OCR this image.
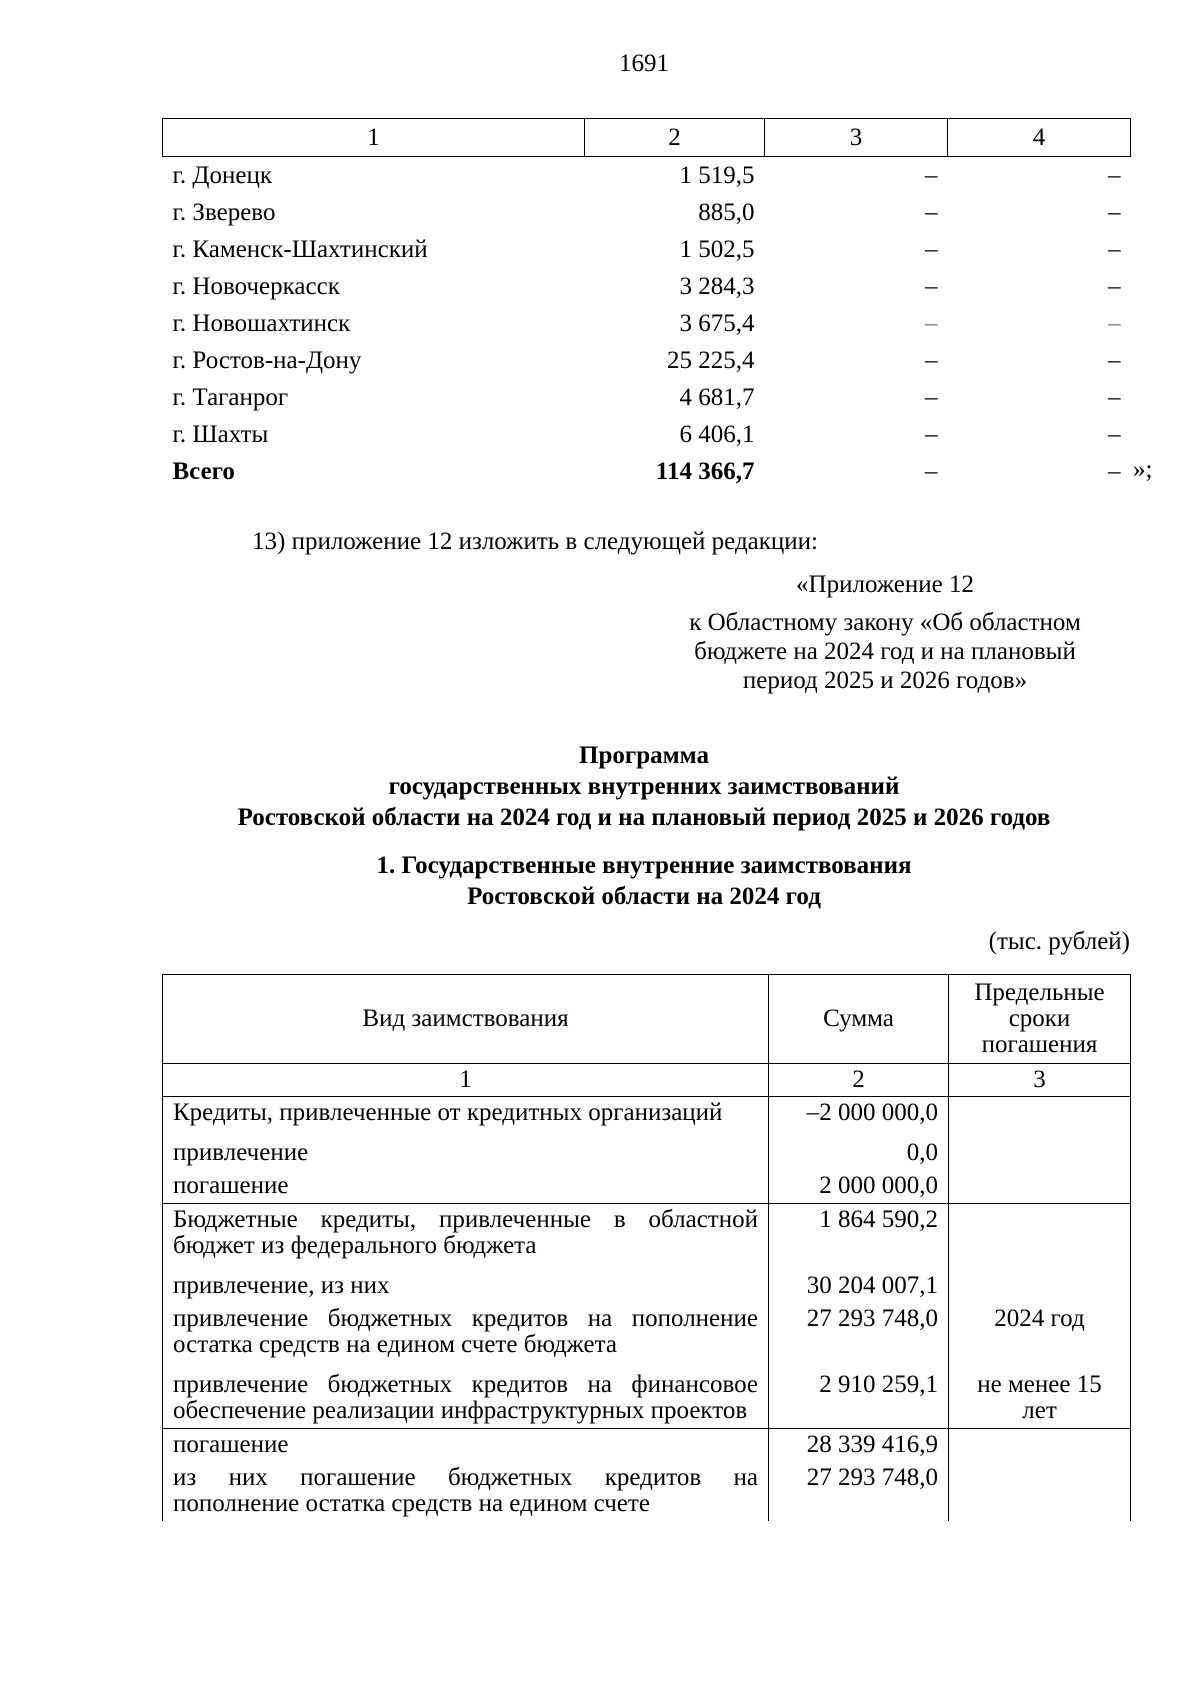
1691
1	2	3	4
г. Донецк	1 519,5	–	–
г. Зверево	885,0	–	–
г. Каменск-Шахтинский	1 502,5	–	–
г. Новочеркасск	3 284,3	–	–
г. Новошахтинск	3 675,4	–	–
г. Ростов-на-Дону	25 225,4	–	–
г. Таганрог	4 681,7	–	–
г. Шахты	6 406,1	–	–
Всего	114 366,7	–	– »;
13) приложение 12 изложить в следующей редакции:
«Приложение 12
к Областному закону «Об областном
бюджете на 2024 год и на плановый
период 2025 и 2026 годов»
Программа
государственных внутренних заимствований
Ростовской области на 2024 год и на плановый период 2025 и 2026 годов
1. Государственные внутренние заимствования
Ростовской области на 2024 год
(тыс. рублей)
Вид заимствования	Сумма	Предельные сроки погашения
1	2	3
Кредиты, привлеченные от кредитных организаций	–2 000 000,0	
привлечение	0,0	
погашение	2 000 000,0	
Бюджетные кредиты, привлеченные в областной бюджет из федерального бюджета	1 864 590,2	
привлечение, из них	30 204 007,1	
привлечение бюджетных кредитов на пополнение остатка средств на едином счете бюджета	27 293 748,0	2024 год
привлечение бюджетных кредитов на финансовое обеспечение реализации инфраструктурных проектов	2 910 259,1	не менее 15 лет
погашение	28 339 416,9	
из них погашение бюджетных кредитов на пополнение остатка средств на едином счете	27 293 748,0	
